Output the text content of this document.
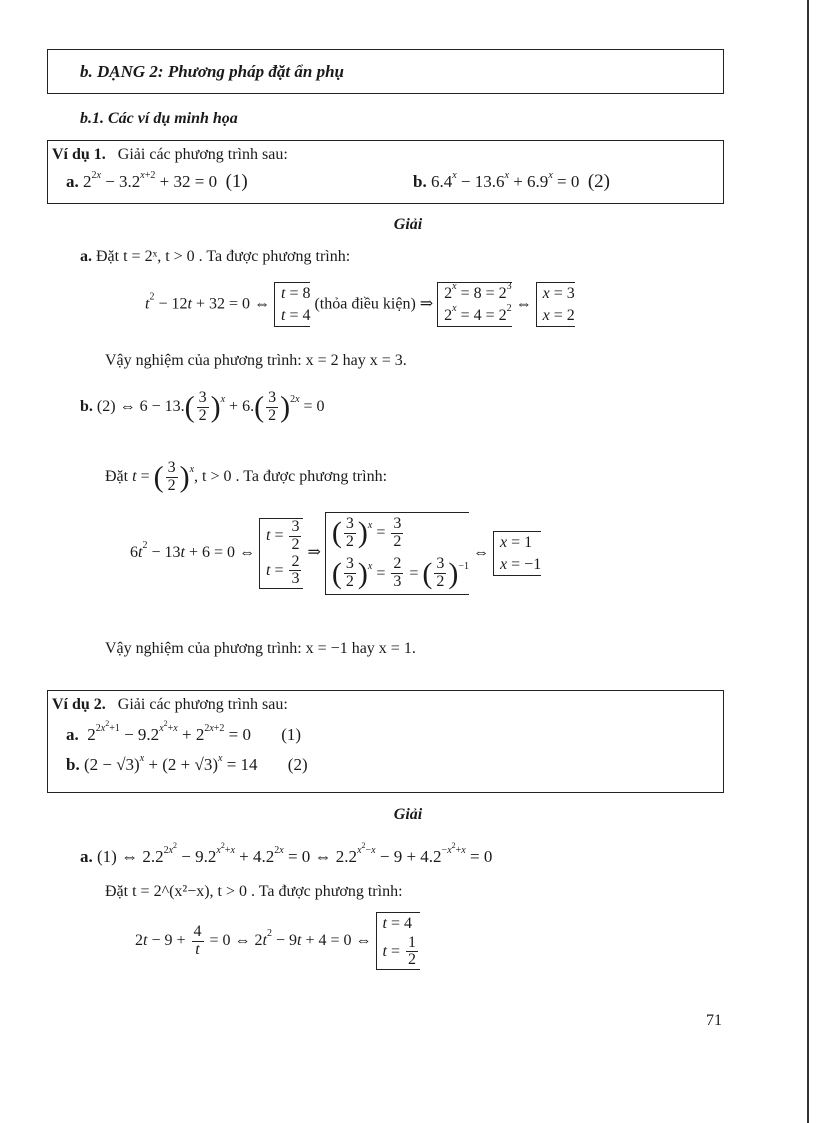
b. DẠNG 2: Phương pháp đặt ẩn phụ
b.1. Các ví dụ minh họa
Ví dụ 1. Giải các phương trình sau:
a. $2^{2x} - 3.2^{x+2} + 32 = 0$  (1)	b. $6.4^x - 13.6^x + 6.9^x = 0$  (2)
Giải
a. Đặt t = 2ˣ, t > 0 . Ta được phương trình:
$t^2 - 12t + 32 = 0$ ⇔
t = 8
t = 4
(thỏa điều kiện) ⇒
$2^x = 8 = 2^3$
$2^x = 4 = 2^2$ ⇔
x = 3
x = 2
Vậy nghiệm của phương trình: x = 2 hay x = 3.
b. (2) ⇔ $6 - 13.( \frac{3}{2} )^x + 6.( \frac{3}{2} )^{2x} = 0$
Đặt t = ( $\frac{3}{2} )^x$, t > 0 . Ta được phương trình:
$6t^2 - 13t + 6 = 0$ ⇔
$t = \frac{3}{2}$
$t = \frac{2}{3}$
⇒
( $\frac{3}{2} )^x = \frac{3}{2}$
( $\frac{3}{2} )^x = \frac{2}{3}$ = ( $\frac{3}{2} )^{-1}$
⇔
x = 1
x = −1
Vậy nghiệm của phương trình: x = −1 hay x = 1.
Ví dụ 2. Giải các phương trình sau:
a.  $2^{2x^2+1} - 9.2^{x^2+x} + 2^{2x+2} = 0$ (1)
b. $(2 - √3)^x + (2 + √3)^x = 14$ (2)
Giải
a. (1) ⇔ $2.2^{2x^2} - 9.2^{x^2+x} + 4.2^{2x} = 0$ ⇔ $2.2^{x^2-x} - 9 + 4.2^{-x^2+x} = 0$
Đặt t = 2^(x²−x), t > 0 . Ta được phương trình:
$2t - 9 + \frac{4}{t} = 0$ ⇔ $2t^2 - 9t + 4 = 0$ ⇔
t = 4
$t = \frac{1}{2}$
71
